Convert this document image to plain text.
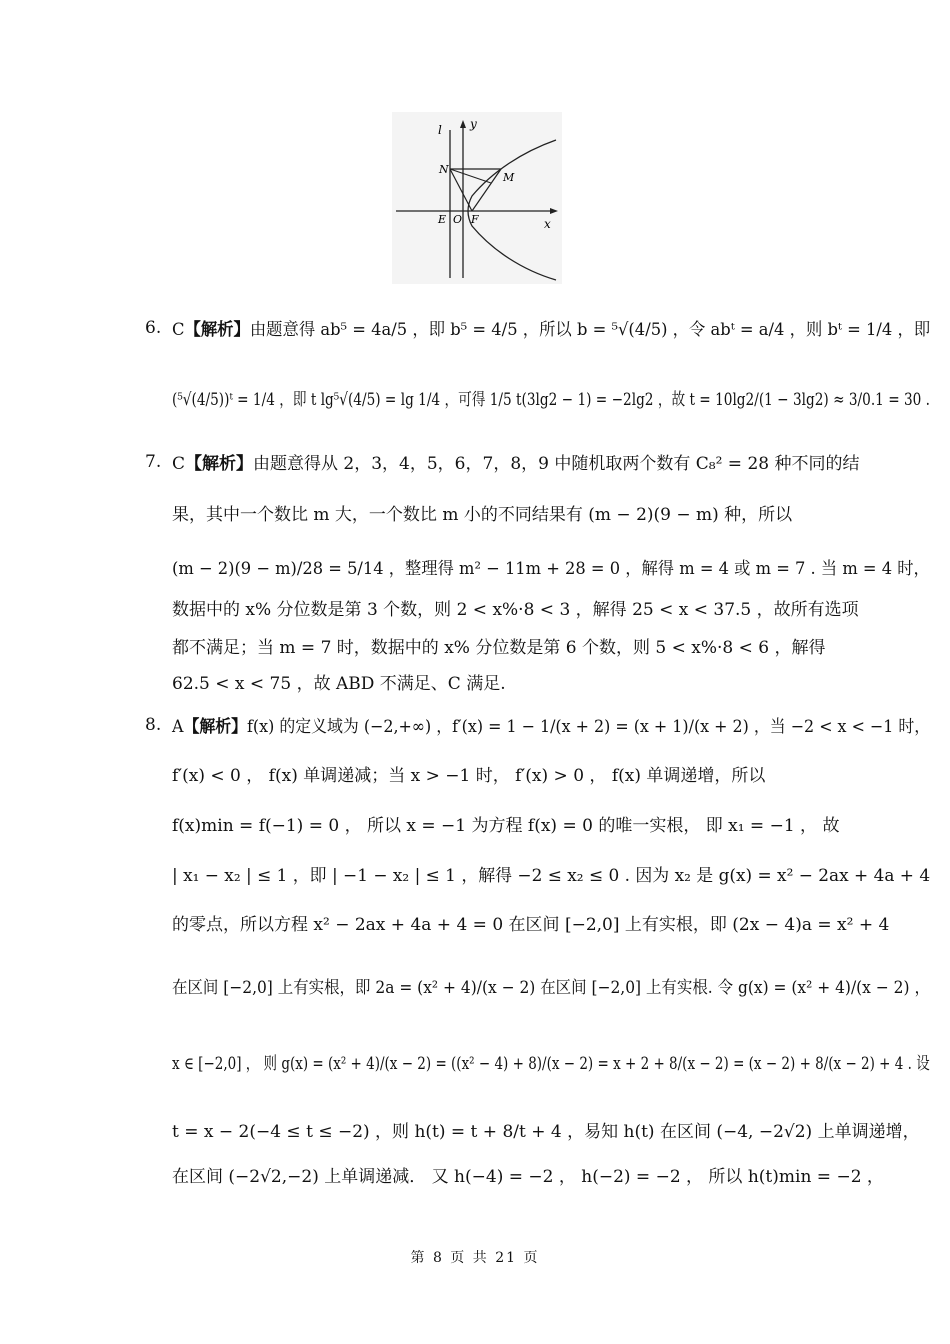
l y
x
N
M
E O F
6. C【解析】由题意得 ab⁵ = 4a/5 ，即 b⁵ = 4/5 ，所以 b = ⁵√(4/5) ，令 abᵗ = a/4 ，则 bᵗ = 1/4 ，即
(⁵√(4/5))ᵗ = 1/4 ，即 t lg⁵√(4/5) = lg 1/4 ，可得 1/5 t(3lg2 − 1) = −2lg2 ，故 t = 10lg2/(1 − 3lg2) ≈ 3/0.1 = 30 .
7. C【解析】由题意得从 2，3，4，5，6，7，8，9 中随机取两个数有 C₈² = 28 种不同的结
果，其中一个数比 m 大，一个数比 m 小的不同结果有 (m − 2)(9 − m) 种，所以
(m − 2)(9 − m)/28 = 5/14 ，整理得 m² − 11m + 28 = 0 ，解得 m = 4 或 m = 7 . 当 m = 4 时，
数据中的 x% 分位数是第 3 个数，则 2 < x%·8 < 3 ，解得 25 < x < 37.5 ，故所有选项
都不满足；当 m = 7 时，数据中的 x% 分位数是第 6 个数，则 5 < x%·8 < 6 ，解得
62.5 < x < 75 ，故 ABD 不满足、C 满足.
8. A【解析】f(x) 的定义域为 (−2,+∞) ，f′(x) = 1 − 1/(x + 2) = (x + 1)/(x + 2) ，当 −2 < x < −1 时，
f′(x) < 0 ， f(x) 单调递减；当 x > −1 时， f′(x) > 0 ， f(x) 单调递增，所以
f(x)min = f(−1) = 0 ， 所以 x = −1 为方程 f(x) = 0 的唯一实根， 即 x₁ = −1 ， 故
| x₁ − x₂ | ≤ 1 ，即 | −1 − x₂ | ≤ 1 ，解得 −2 ≤ x₂ ≤ 0 . 因为 x₂ 是 g(x) = x² − 2ax + 4a + 4
的零点，所以方程 x² − 2ax + 4a + 4 = 0 在区间 [−2,0] 上有实根，即 (2x − 4)a = x² + 4
在区间 [−2,0] 上有实根，即 2a = (x² + 4)/(x − 2) 在区间 [−2,0] 上有实根. 令 g(x) = (x² + 4)/(x − 2) ，
x ∈ [−2,0] ， 则 g(x) = (x² + 4)/(x − 2) = ((x² − 4) + 8)/(x − 2) = x + 2 + 8/(x − 2) = (x − 2) + 8/(x − 2) + 4 . 设
t = x − 2(−4 ≤ t ≤ −2) ，则 h(t) = t + 8/t + 4 ，易知 h(t) 在区间 (−4, −2√2) 上单调递增，
在区间 (−2√2,−2) 上单调递减． 又 h(−4) = −2 ， h(−2) = −2 ， 所以 h(t)min = −2 ，
第 8 页 共 21 页
